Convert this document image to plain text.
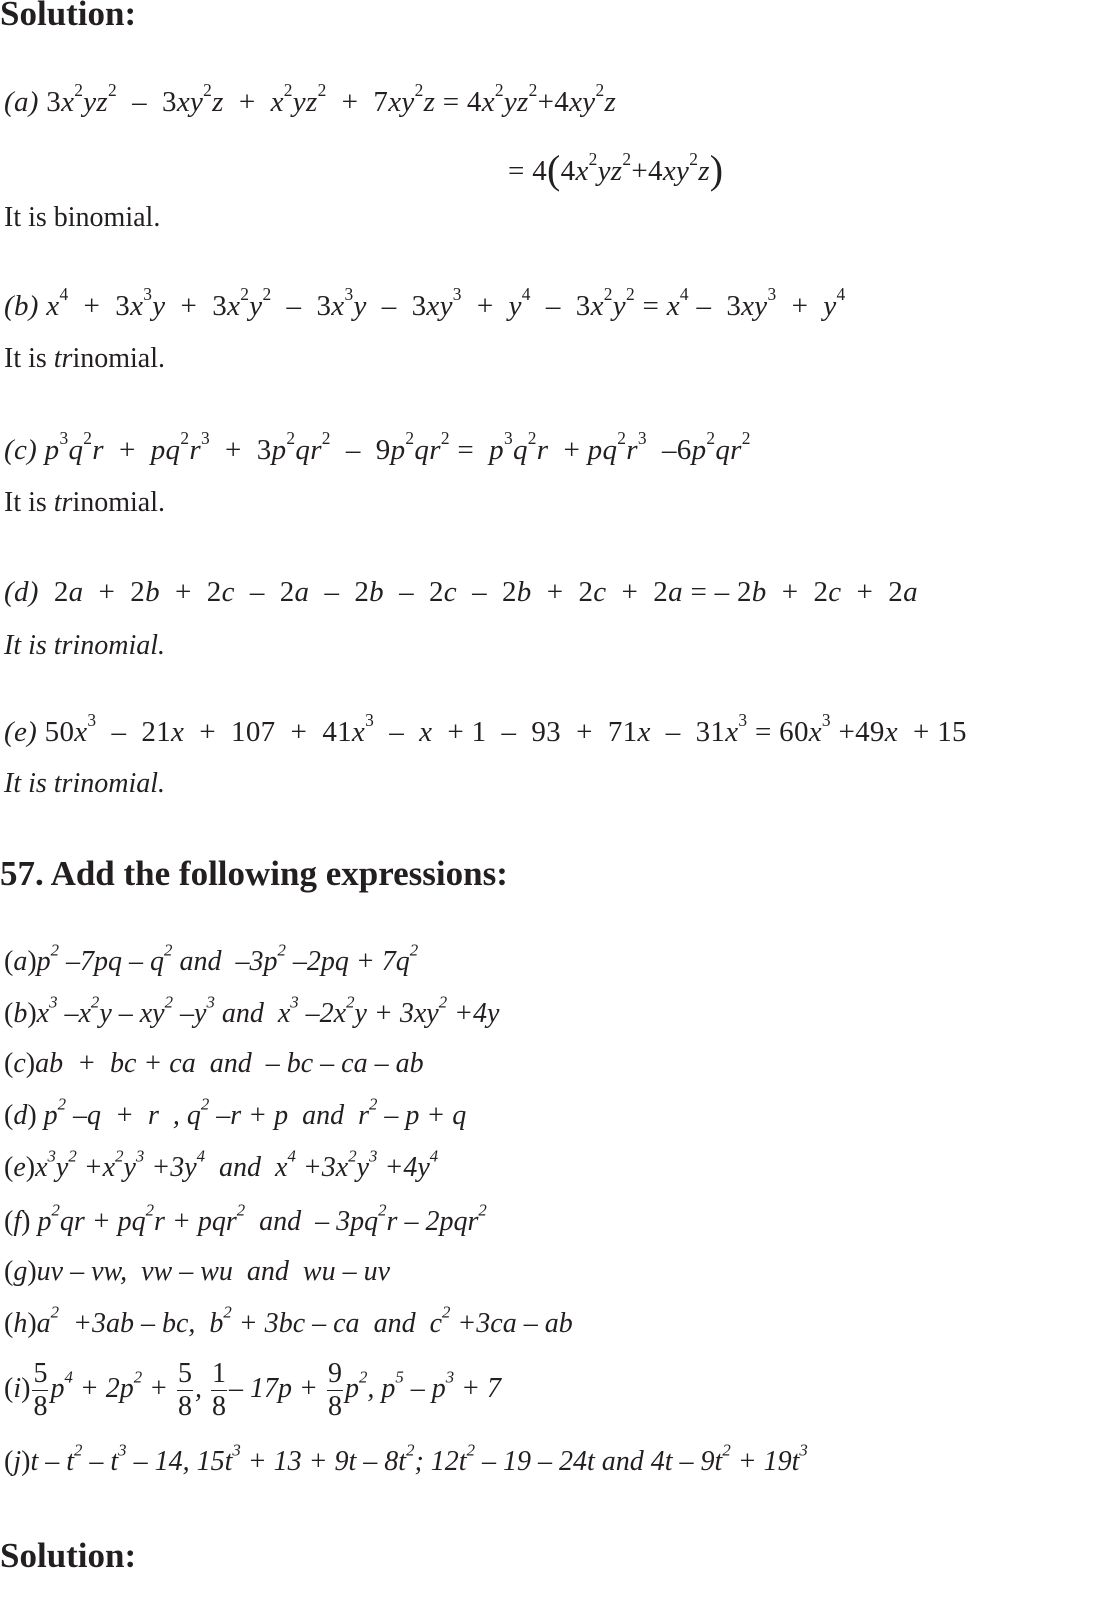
Solution:
(a) $3x^2yz^2 - 3xy^2z + x^2yz^2 + 7xy^2z = 4x^2yz^2+4xy^2z$
= $4(4x^2yz^2+4xy^2z)$
It is binomial.
(b) $x^4 + 3x^3y + 3x^2y^2 - 3x^3y - 3xy^3 + y^4 - 3x^2y^2 = x^4 - 3xy^3 + y^4$
It is trinomial.
(c) $p^3q^2r + pq^2r^3 + 3p^2qr^2 - 9p^2qr^2 = p^3q^2r + pq^2r^3$  $-6p^2qr^2$
It is trinomial.
(d)  2a  +  2b  +  2c  –  2a  –  2b  –  2c  –  2b  +  2c  +  2a = – 2b  +  2c  +  2a
It is trinomial.
(e) $50x^3 - 21x + 107 + 41x^3 - x + 1 - 93 + 71x - 31x^3 = 60x^3 +49x + 15$
It is trinomial.
57. Add the following expressions:
$(a)p^2$ $-7pq - q^2$ and  $-3p^2$ $-2pq + 7q^2$
$(b)x^3$ $-x^2y - xy^2$ $-y^3$ and  $x^3$ $-2x^2y + 3xy^2 +4y$
(c)ab  +  bc + ca  and  – bc – ca – ab
(d) $p^2$ –q  +  r  , $q^2$ –r + p  and  $r^2 - p + q$
$(e)x^3y^2 +x^2y^3 +3y^4$  and  $x^4 +3x^2y^3 +4y^4$
(f) $p^2qr + pq^2r + pqr^2$  and  – $3pq^2r - 2pqr^2$
(g)uv – vw,  vw – wu  and  wu – uv
$(h)a^2 +3ab$ – bc,  $b^2 + 3bc$ – ca  and  $c^2 +3ca$ – ab
$(i) \frac{5}{8} p^4 + 2p^2 + \frac{5}{8}$ , $\frac{1}{8} - 17p + \frac{9}{8} p^2$, $p^5 - p^3 + 7$
$(j)t - t^2 - t^3 - 14$, $15t^3 + 13 + 9t - 8t^2$; $12t^2 - 19 - 24t$ and $4t - 9t^2 + 19t^3$
Solution:
